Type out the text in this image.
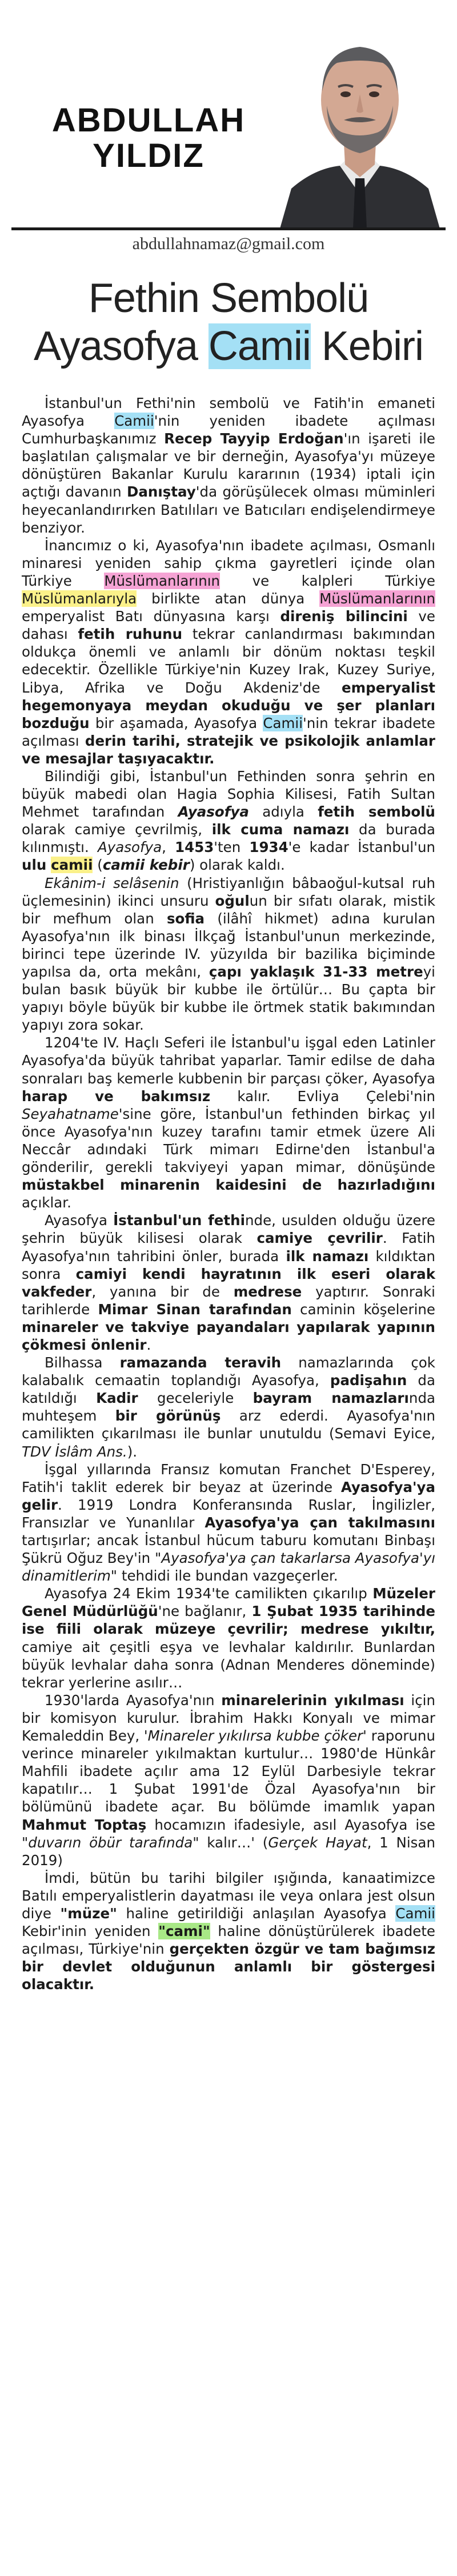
ABDULLAH
YILDIZ
abdullahnamaz@gmail.com
Fethin Sembolü
Ayasofya Camii Kebiri

İstanbul'un Fethi'nin sembolü ve Fatih'in emaneti Ayasofya Camii'nin yeniden ibadete açılması Cumhurbaşkanımız Recep Tayyip Erdoğan'ın işareti ile başlatılan çalışmalar ve bir derneğin, Ayasofya'yı müzeye dönüştüren Bakanlar Kurulu kararının (1934) iptali için açtığı davanın Danıştay'da görüşülecek olması müminleri heyecanlandırırken Batılıları ve Batıcıları endişelendirmeye benziyor.

İnancımız o ki, Ayasofya'nın ibadete açılması, Osmanlı minaresi yeniden sahip çıkma gayretleri içinde olan Türkiye Müslümanlarının ve kalpleri Türkiye Müslümanlarıyla birlikte atan dünya Müslümanlarının emperyalist Batı dünyasına karşı direniş bilincini ve dahası fetih ruhunu tekrar canlandırması bakımından oldukça önemli ve anlamlı bir dönüm noktası teşkil edecektir. Özellikle Türkiye'nin Kuzey Irak, Kuzey Suriye, Libya, Afrika ve Doğu Akdeniz'de emperyalist hegemonyaya meydan okuduğu ve şer planları bozduğu bir aşamada, Ayasofya Camii'nin tekrar ibadete açılması derin tarihi, stratejik ve psikolojik anlamlar ve mesajlar taşıyacaktır.

Bilindiği gibi, İstanbul'un Fethinden sonra şehrin en büyük mabedi olan Hagia Sophia Kilisesi, Fatih Sultan Mehmet tarafından Ayasofya adıyla fetih sembolü olarak camiye çevrilmiş, ilk cuma namazı da burada kılınmıştı. Ayasofya, 1453'ten 1934'e kadar İstanbul'un ulu camii (camii kebir) olarak kaldı.

Ekânim-i selâsenin (Hristiyanlığın bâbaoğul-kutsal ruh üçlemesinin) ikinci unsuru oğulun bir sıfatı olarak, mistik bir mefhum olan sofia (ilâhî hikmet) adına kurulan Ayasofya'nın ilk binası İlkçağ İstanbul'unun merkezinde, birinci tepe üzerinde IV. yüzyılda bir bazilika biçiminde yapılsa da, orta mekânı, çapı yaklaşık 31-33 metreyi bulan basık büyük bir kubbe ile örtülür… Bu çapta bir yapıyı böyle büyük bir kubbe ile örtmek statik bakımından yapıyı zora sokar.

1204'te IV. Haçlı Seferi ile İstanbul'u işgal eden Latinler Ayasofya'da büyük tahribat yaparlar. Tamir edilse de daha sonraları baş kemerle kubbenin bir parçası çöker, Ayasofya harap ve bakımsız kalır. Evliya Çelebi'nin Seyahatname'sine göre, İstanbul'un fethinden birkaç yıl önce Ayasofya'nın kuzey tarafını tamir etmek üzere Ali Neccâr adındaki Türk mimarı Edirne'den İstanbul'a gönderilir, gerekli takviyeyi yapan mimar, dönüşünde müstakbel minarenin kaidesini de hazırladığını açıklar.

Ayasofya İstanbul'un fethinde, usulden olduğu üzere şehrin büyük kilisesi olarak camiye çevrilir. Fatih Ayasofya'nın tahribini önler, burada ilk namazı kıldıktan sonra camiyi kendi hayratının ilk eseri olarak vakfeder, yanına bir de medrese yaptırır. Sonraki tarihlerde Mimar Sinan tarafından caminin köşelerine minareler ve takviye payandaları yapılarak yapının çökmesi önlenir.

Bilhassa ramazanda teravih namazlarında çok kalabalık cemaatin toplandığı Ayasofya, padişahın da katıldığı Kadir geceleriyle bayram namazlarında muhteşem bir görünüş arz ederdi. Ayasofya'nın camilikten çıkarılması ile bunlar unutuldu (Semavi Eyice, TDV İslâm Ans.).

İşgal yıllarında Fransız komutan Franchet D'Esperey, Fatih'i taklit ederek bir beyaz at üzerinde Ayasofya'ya gelir. 1919 Londra Konferansında Ruslar, İngilizler, Fransızlar ve Yunanlılar Ayasofya'ya çan takılmasını tartışırlar; ancak İstanbul hücum taburu komutanı Binbaşı Şükrü Oğuz Bey'in "Ayasofya'ya çan takarlarsa Ayasofya'yı dinamitlerim" tehdidi ile bundan vazgeçerler.

Ayasofya 24 Ekim 1934'te camilikten çıkarılıp Müzeler Genel Müdürlüğü'ne bağlanır, 1 Şubat 1935 tarihinde ise fiili olarak müzeye çevrilir; medrese yıkıltır, camiye ait çeşitli eşya ve levhalar kaldırılır. Bunlardan büyük levhalar daha sonra (Adnan Menderes döneminde) tekrar yerlerine asılır…

1930'larda Ayasofya'nın minarelerinin yıkılması için bir komisyon kurulur. İbrahim Hakkı Konyalı ve mimar Kemaleddin Bey, 'Minareler yıkılırsa kubbe çöker' raporunu verince minareler yıkılmaktan kurtulur… 1980'de Hünkâr Mahfili ibadete açılır ama 12 Eylül Darbesiyle tekrar kapatılır… 1 Şubat 1991'de Özal Ayasofya'nın bir bölümünü ibadete açar. Bu bölümde imamlık yapan Mahmut Toptaş hocamızın ifadesiyle, asıl Ayasofya ise "duvarın öbür tarafında" kalır…' (Gerçek Hayat, 1 Nisan 2019)

İmdi, bütün bu tarihi bilgiler ışığında, kanaatimizce Batılı emperyalistlerin dayatması ile veya onlara jest olsun diye "müze" haline getirildiği anlaşılan Ayasofya Camii Kebir'inin yeniden "cami" haline dönüştürülerek ibadete açılması, Türkiye'nin gerçekten özgür ve tam bağımsız bir devlet olduğunun anlamlı bir göstergesi olacaktır.
